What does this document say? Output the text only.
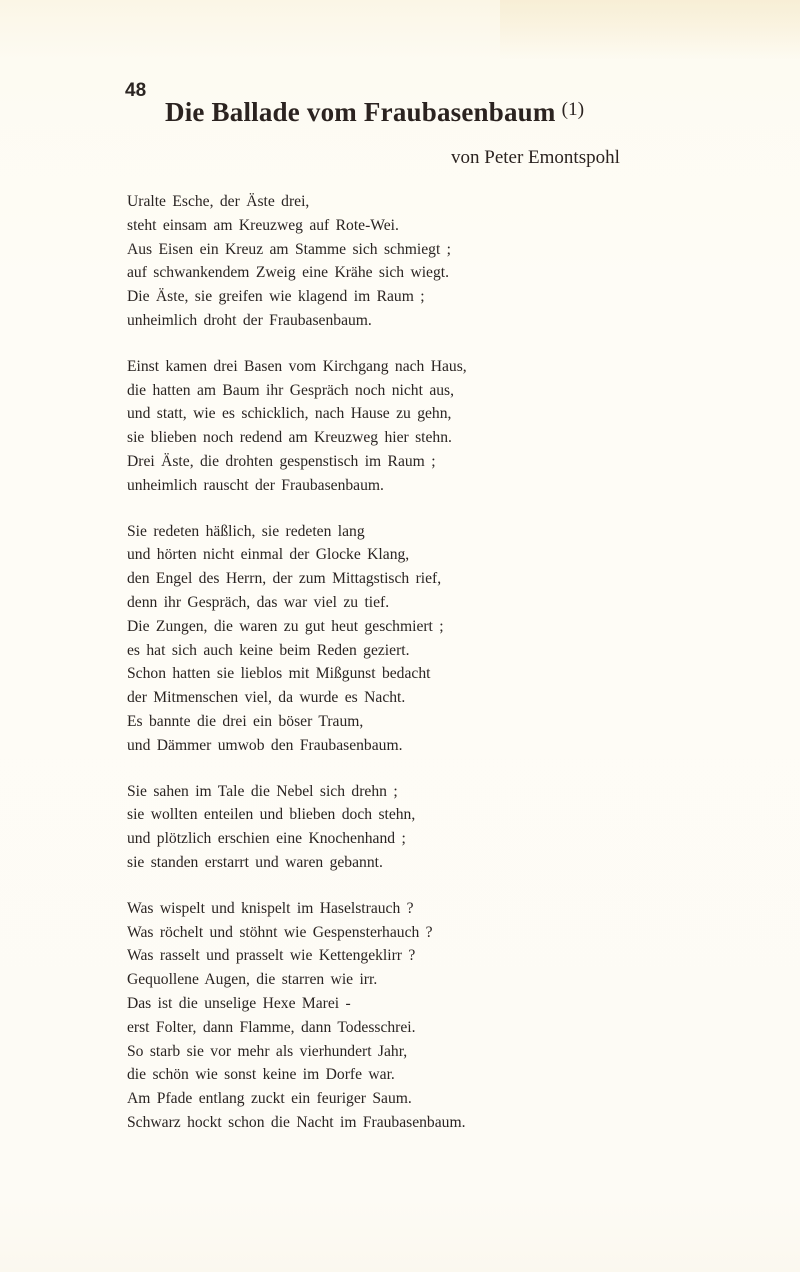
48
Die Ballade vom Fraubasenbaum $^{(1)}$
von Peter Emontspohl
Uralte Esche, der Äste drei,
steht einsam am Kreuzweg auf Rote-Wei.
Aus Eisen ein Kreuz am Stamme sich schmiegt ;
auf schwankendem Zweig eine Krähe sich wiegt.
Die Äste, sie greifen wie klagend im Raum ;
unheimlich droht der Fraubasenbaum.
Einst kamen drei Basen vom Kirchgang nach Haus,
die hatten am Baum ihr Gespräch noch nicht aus,
und statt, wie es schicklich, nach Hause zu gehn,
sie blieben noch redend am Kreuzweg hier stehn.
Drei Äste, die drohten gespenstisch im Raum ;
unheimlich rauscht der Fraubasenbaum.
Sie redeten häßlich, sie redeten lang
und hörten nicht einmal der Glocke Klang,
den Engel des Herrn, der zum Mittagstisch rief,
denn ihr Gespräch, das war viel zu tief.
Die Zungen, die waren zu gut heut geschmiert ;
es hat sich auch keine beim Reden geziert.
Schon hatten sie lieblos mit Mißgunst bedacht
der Mitmenschen viel, da wurde es Nacht.
Es bannte die drei ein böser Traum,
und Dämmer umwob den Fraubasenbaum.
Sie sahen im Tale die Nebel sich drehn ;
sie wollten enteilen und blieben doch stehn,
und plötzlich erschien eine Knochenhand ;
sie standen erstarrt und waren gebannt.
Was wispelt und knispelt im Haselstrauch ?
Was röchelt und stöhnt wie Gespensterhauch ?
Was rasselt und prasselt wie Kettengeklirr ?
Gequollene Augen, die starren wie irr.
Das ist die unselige Hexe Marei -
erst Folter, dann Flamme, dann Todesschrei.
So starb sie vor mehr als vierhundert Jahr,
die schön wie sonst keine im Dorfe war.
Am Pfade entlang zuckt ein feuriger Saum.
Schwarz hockt schon die Nacht im Fraubasenbaum.
